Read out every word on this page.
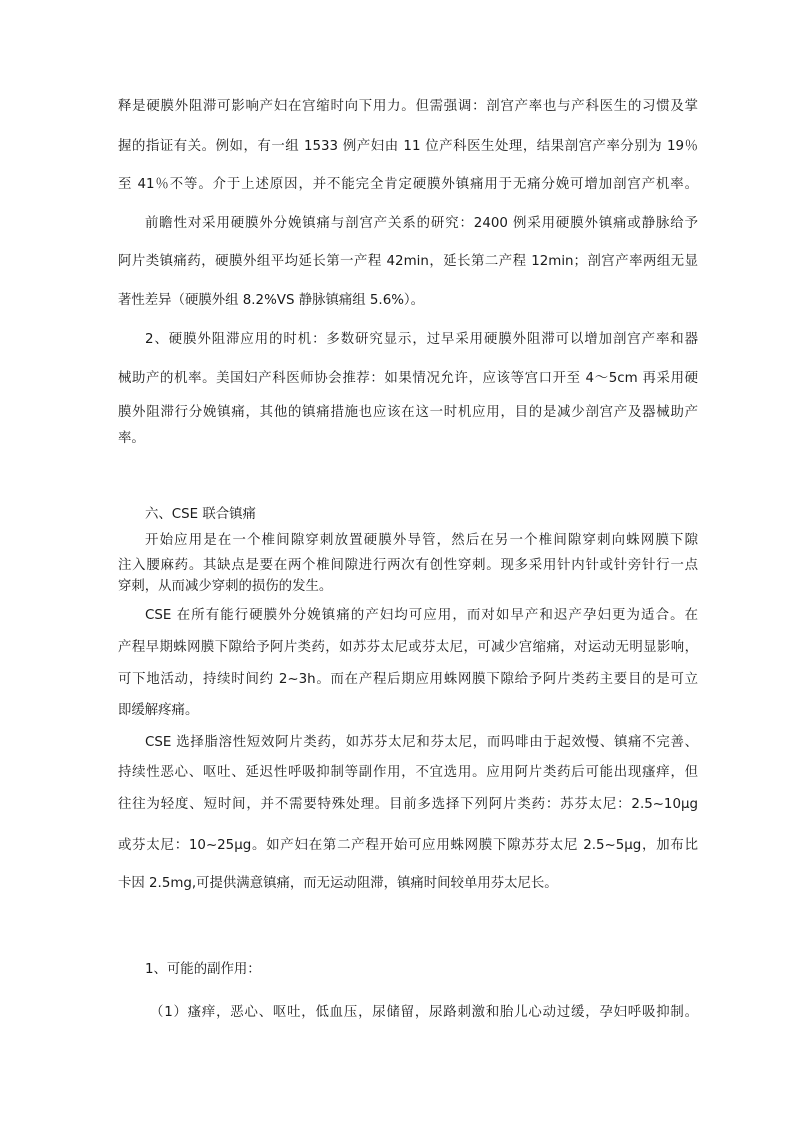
释是硬膜外阻滞可影响产妇在宫缩时向下用力。但需强调：剖宫产率也与产科医生的习惯及掌
握的指证有关。例如，有一组 1533 例产妇由 11 位产科医生处理，结果剖宫产率分别为 19％
至 41％不等。介于上述原因，并不能完全肯定硬膜外镇痛用于无痛分娩可增加剖宫产机率。
前瞻性对采用硬膜外分娩镇痛与剖宫产关系的研究：2400 例采用硬膜外镇痛或静脉给予
阿片类镇痛药，硬膜外组平均延长第一产程 42min，延长第二产程 12min；剖宫产率两组无显
著性差异（硬膜外组 8.2%VS 静脉镇痛组 5.6%）。
2、硬膜外阻滞应用的时机：多数研究显示，过早采用硬膜外阻滞可以增加剖宫产率和器
械助产的机率。美国妇产科医师协会推荐：如果情况允许，应该等宫口开至 4～5cm 再采用硬
膜外阻滞行分娩镇痛，其他的镇痛措施也应该在这一时机应用，目的是减少剖宫产及器械助产
率。
六、CSE 联合镇痛
开始应用是在一个椎间隙穿刺放置硬膜外导管，然后在另一个椎间隙穿刺向蛛网膜下隙
注入腰麻药。其缺点是要在两个椎间隙进行两次有创性穿刺。现多采用针内针或针旁针行一点
穿刺，从而减少穿刺的损伤的发生。
CSE 在所有能行硬膜外分娩镇痛的产妇均可应用，而对如早产和迟产孕妇更为适合。在
产程早期蛛网膜下隙给予阿片类药，如苏芬太尼或芬太尼，可减少宫缩痛，对运动无明显影响，
可下地活动，持续时间约 2~3h。而在产程后期应用蛛网膜下隙给予阿片类药主要目的是可立
即缓解疼痛。
CSE 选择脂溶性短效阿片类药，如苏芬太尼和芬太尼，而吗啡由于起效慢、镇痛不完善、
持续性恶心、呕吐、延迟性呼吸抑制等副作用，不宜选用。应用阿片类药后可能出现瘙痒，但
往往为轻度、短时间，并不需要特殊处理。目前多选择下列阿片类药：苏芬太尼：2.5~10μg
或芬太尼：10~25μg。如产妇在第二产程开始可应用蛛网膜下隙苏芬太尼 2.5~5μg，加布比
卡因 2.5mg,可提供满意镇痛，而无运动阻滞，镇痛时间较单用芬太尼长。
1、可能的副作用：
（1）瘙痒，恶心、呕吐，低血压，尿储留，尿路刺激和胎儿心动过缓，孕妇呼吸抑制。
